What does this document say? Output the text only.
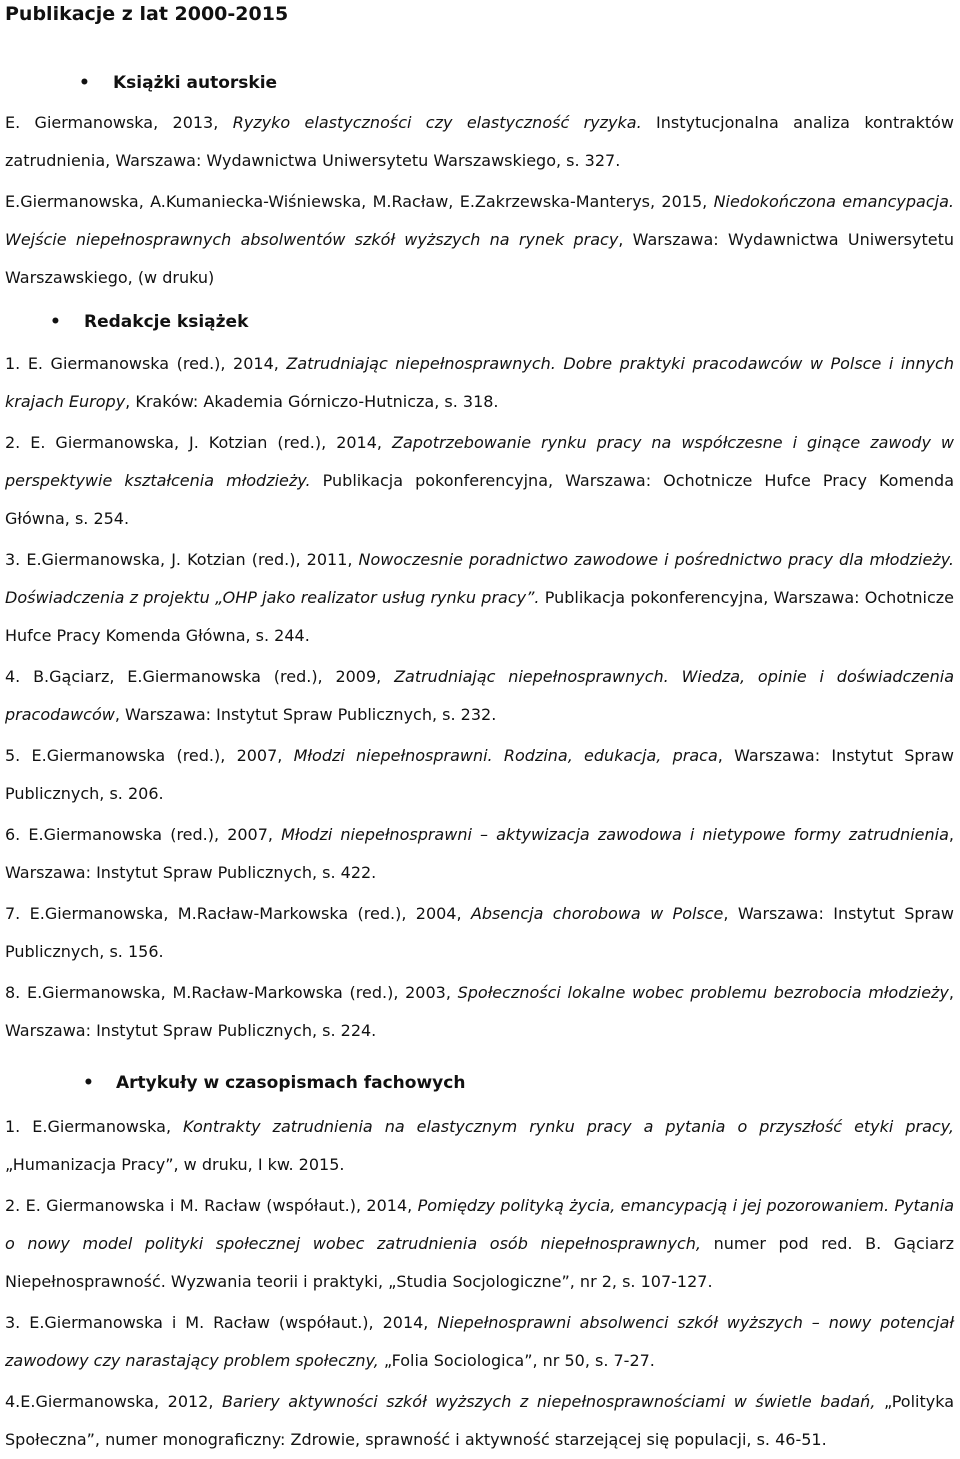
Publikacje z lat 2000-2015
• Książki autorskie

E. Giermanowska, 2013, Ryzyko elastyczności czy elastyczność ryzyka. Instytucjonalna analiza kontraktów zatrudnienia, Warszawa: Wydawnictwa Uniwersytetu Warszawskiego, s. 327.

E.Giermanowska, A.Kumaniecka-Wiśniewska, M.Racław, E.Zakrzewska-Manterys, 2015, Niedokończona emancypacja. Wejście niepełnosprawnych absolwentów szkół wyższych na rynek pracy, Warszawa: Wydawnictwa Uniwersytetu Warszawskiego, (w druku)

• Redakcje książek

1. E. Giermanowska (red.), 2014, Zatrudniając niepełnosprawnych. Dobre praktyki pracodawców w Polsce i innych krajach Europy, Kraków: Akademia Górniczo-Hutnicza, s. 318.

2. E. Giermanowska, J. Kotzian (red.), 2014, Zapotrzebowanie rynku pracy na współczesne i ginące zawody w perspektywie kształcenia młodzieży. Publikacja pokonferencyjna, Warszawa: Ochotnicze Hufce Pracy Komenda Główna, s. 254.

3. E.Giermanowska, J. Kotzian (red.), 2011, Nowoczesnie poradnictwo zawodowe i pośrednictwo pracy dla młodzieży. Doświadczenia z projektu „OHP jako realizator usług rynku pracy”. Publikacja pokonferencyjna, Warszawa: Ochotnicze Hufce Pracy Komenda Główna, s. 244.

4. B.Gąciarz, E.Giermanowska (red.), 2009, Zatrudniając niepełnosprawnych. Wiedza, opinie i doświadczenia pracodawców, Warszawa: Instytut Spraw Publicznych, s. 232.

5. E.Giermanowska (red.), 2007, Młodzi niepełnosprawni. Rodzina, edukacja, praca, Warszawa: Instytut Spraw Publicznych, s. 206.

6. E.Giermanowska (red.), 2007, Młodzi niepełnosprawni – aktywizacja zawodowa i nietypowe formy zatrudnienia, Warszawa: Instytut Spraw Publicznych, s. 422.

7. E.Giermanowska, M.Racław-Markowska (red.), 2004, Absencja chorobowa w Polsce, Warszawa: Instytut Spraw Publicznych, s. 156.

8. E.Giermanowska, M.Racław-Markowska (red.), 2003, Społeczności lokalne wobec problemu bezrobocia młodzieży, Warszawa: Instytut Spraw Publicznych, s. 224.

• Artykuły w czasopismach fachowych

1. E.Giermanowska, Kontrakty zatrudnienia na elastycznym rynku pracy a pytania o przyszłość etyki pracy, „Humanizacja Pracy”, w druku, I kw. 2015.

2. E. Giermanowska i M. Racław (współaut.), 2014, Pomiędzy polityką życia, emancypacją i jej pozorowaniem. Pytania o nowy model polityki społecznej wobec zatrudnienia osób niepełnosprawnych, numer pod red. B. Gąciarz Niepełnosprawność. Wyzwania teorii i praktyki, „Studia Socjologiczne”, nr 2, s. 107-127.

3. E.Giermanowska i M. Racław (współaut.), 2014, Niepełnosprawni absolwenci szkół wyższych – nowy potencjał zawodowy czy narastający problem społeczny, „Folia Sociologica”, nr 50, s. 7-27.

4.E.Giermanowska, 2012, Bariery aktywności szkół wyższych z niepełnosprawnościami w świetle badań, „Polityka Społeczna”, numer monograficzny: Zdrowie, sprawność i aktywność starzejącej się populacji, s. 46-51.
